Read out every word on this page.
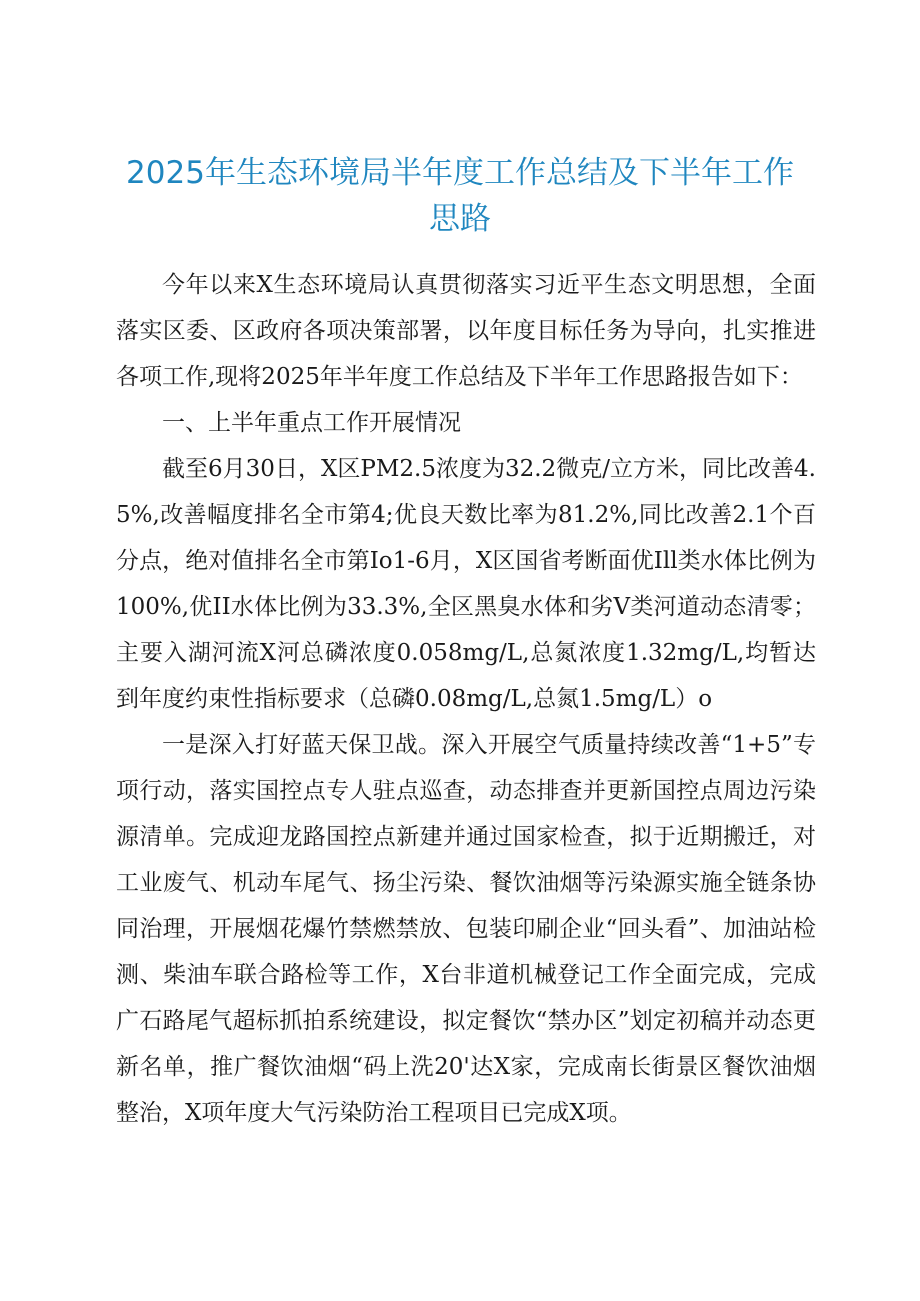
2025年生态环境局半年度工作总结及下半年工作思路

今年以来X生态环境局认真贯彻落实习近平生态文明思想，全面落实区委、区政府各项决策部署，以年度目标任务为导向，扎实推进各项工作,现将2025年半年度工作总结及下半年工作思路报告如下：

一、上半年重点工作开展情况

截至6月30日，X区PM2.5浓度为32.2微克/立方米，同比改善4.5%,改善幅度排名全市第4;优良天数比率为81.2%,同比改善2.1个百分点，绝对值排名全市第Io1-6月，X区国省考断面优Ill类水体比例为100%,优II水体比例为33.3%,全区黑臭水体和劣V类河道动态清零；主要入湖河流X河总磷浓度0.058mg/L,总氮浓度1.32mg/L,均暂达到年度约束性指标要求（总磷0.08mg/L,总氮1.5mg/L）o

一是深入打好蓝天保卫战。深入开展空气质量持续改善“1+5”专项行动，落实国控点专人驻点巡查，动态排查并更新国控点周边污染源清单。完成迎龙路国控点新建并通过国家检查，拟于近期搬迁，对工业废气、机动车尾气、扬尘污染、餐饮油烟等污染源实施全链条协同治理，开展烟花爆竹禁燃禁放、包装印刷企业“回头看”、加油站检测、柴油车联合路检等工作，X台非道机械登记工作全面完成，完成广石路尾气超标抓拍系统建设，拟定餐饮“禁办区”划定初稿并动态更新名单，推广餐饮油烟“码上洗20'达X家，完成南长街景区餐饮油烟整治，X项年度大气污染防治工程项目已完成X项。
